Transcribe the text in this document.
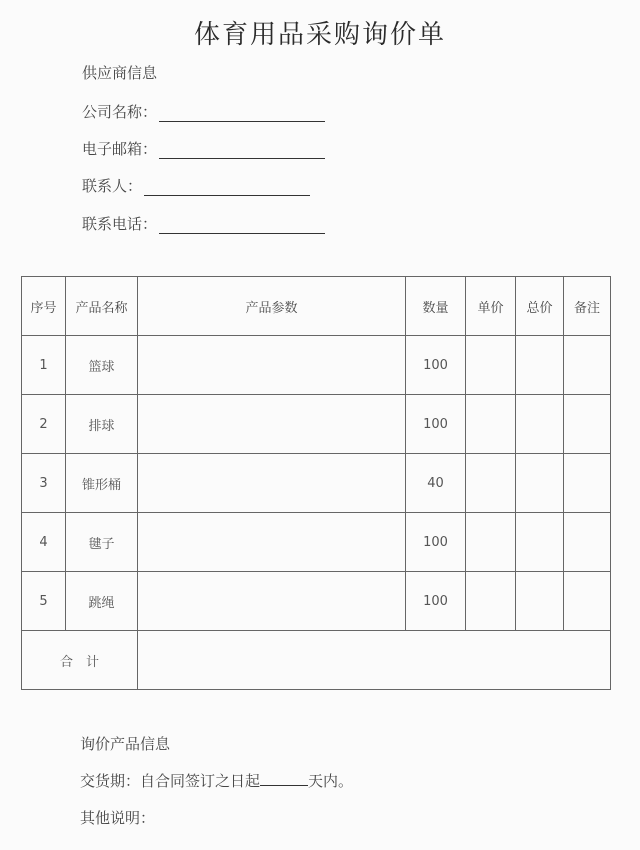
体育用品采购询价单
供应商信息
公司名称：
电子邮箱：
联系人：
联系电话：
序号	产品名称	产品参数	数量	单价	总价	备注
1	篮球		100			
2	排球		100			
3	锥形桶		40			
4	毽子		100			
5	跳绳		100			
合　计						
询价产品信息
交货期：自合同签订之日起	天内。
其他说明：
